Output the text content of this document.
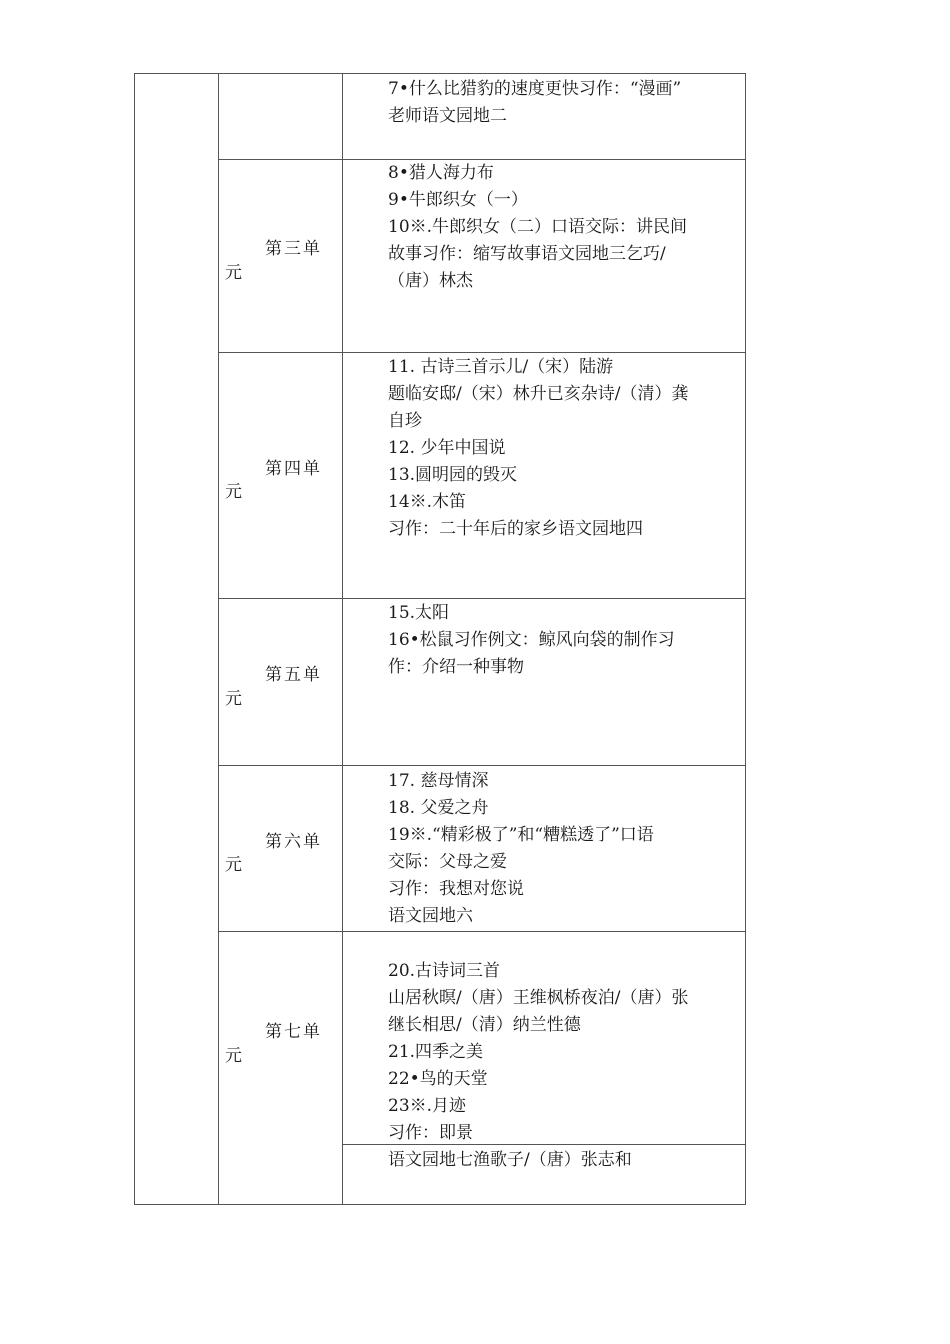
7•什么比猎豹的速度更快习作：“漫画”
老师语文园地二
第三单
元
8•猎人海力布
9•牛郎织女（一）
10※.牛郎织女（二）口语交际：讲民间
故事习作：缩写故事语文园地三乞巧/
（唐）林杰
第四单
元
11. 古诗三首示儿/（宋）陆游
题临安邸/（宋）林升已亥杂诗/（清）龚
自珍
12. 少年中国说
13.圆明园的毁灭
14※.木笛
习作：二十年后的家乡语文园地四
第五单
元
15.太阳
16•松鼠习作例文：鲸风向袋的制作习
作：介绍一种事物
第六单
元
17. 慈母情深
18. 父爱之舟
19※.“精彩极了”和“糟糕透了”口语
交际：父母之爱
习作：我想对您说
语文园地六
第七单
元
20.古诗词三首
山居秋暝/（唐）王维枫桥夜泊/（唐）张
继长相思/（清）纳兰性德
21.四季之美
22•鸟的天堂
23※.月迹
习作：即景
语文园地七渔歌子/（唐）张志和
